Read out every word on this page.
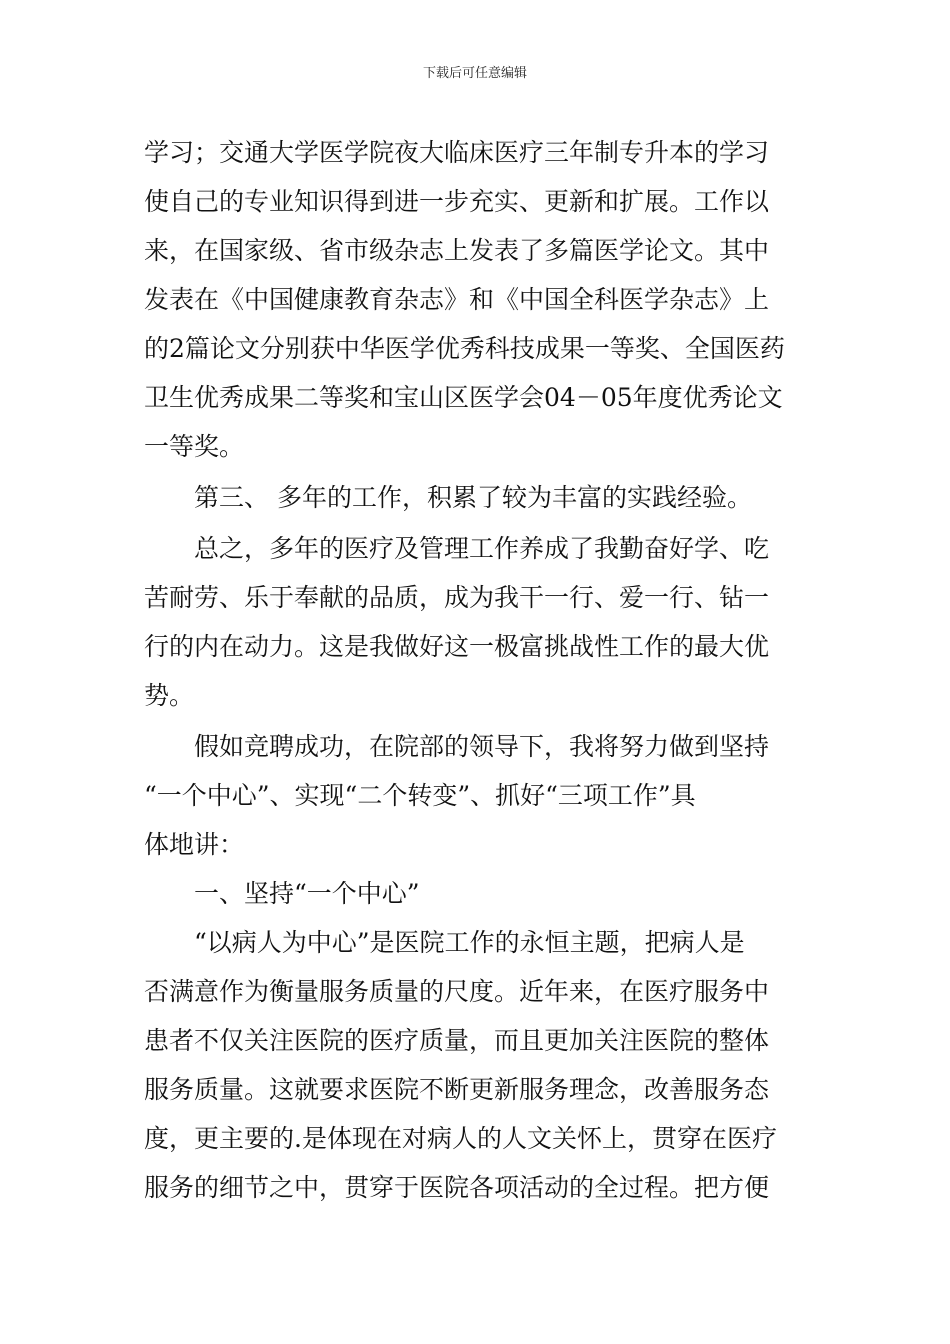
下载后可任意编辑
学习；交通大学医学院夜大临床医疗三年制专升本的学习
使自己的专业知识得到进一步充实、更新和扩展。工作以
来，在国家级、省市级杂志上发表了多篇医学论文。其中
发表在《中国健康教育杂志》和《中国全科医学杂志》上
的2篇论文分别获中华医学优秀科技成果一等奖、全国医药
卫生优秀成果二等奖和宝山区医学会04－05年度优秀论文
一等奖。
　　第三、 多年的工作，积累了较为丰富的实践经验。
　　总之，多年的医疗及管理工作养成了我勤奋好学、吃
苦耐劳、乐于奉献的品质，成为我干一行、爱一行、钻一
行的内在动力。这是我做好这一极富挑战性工作的最大优
势。
　　假如竞聘成功，在院部的领导下，我将努力做到坚持
“一个中心”、实现“二个转变”、抓好“三项工作”具
体地讲：
　　一、坚持“一个中心”
　　“以病人为中心”是医院工作的永恒主题，把病人是
否满意作为衡量服务质量的尺度。近年来，在医疗服务中
患者不仅关注医院的医疗质量，而且更加关注医院的整体
服务质量。这就要求医院不断更新服务理念，改善服务态
度，更主要的.是体现在对病人的人文关怀上，贯穿在医疗
服务的细节之中，贯穿于医院各项活动的全过程。把方便
